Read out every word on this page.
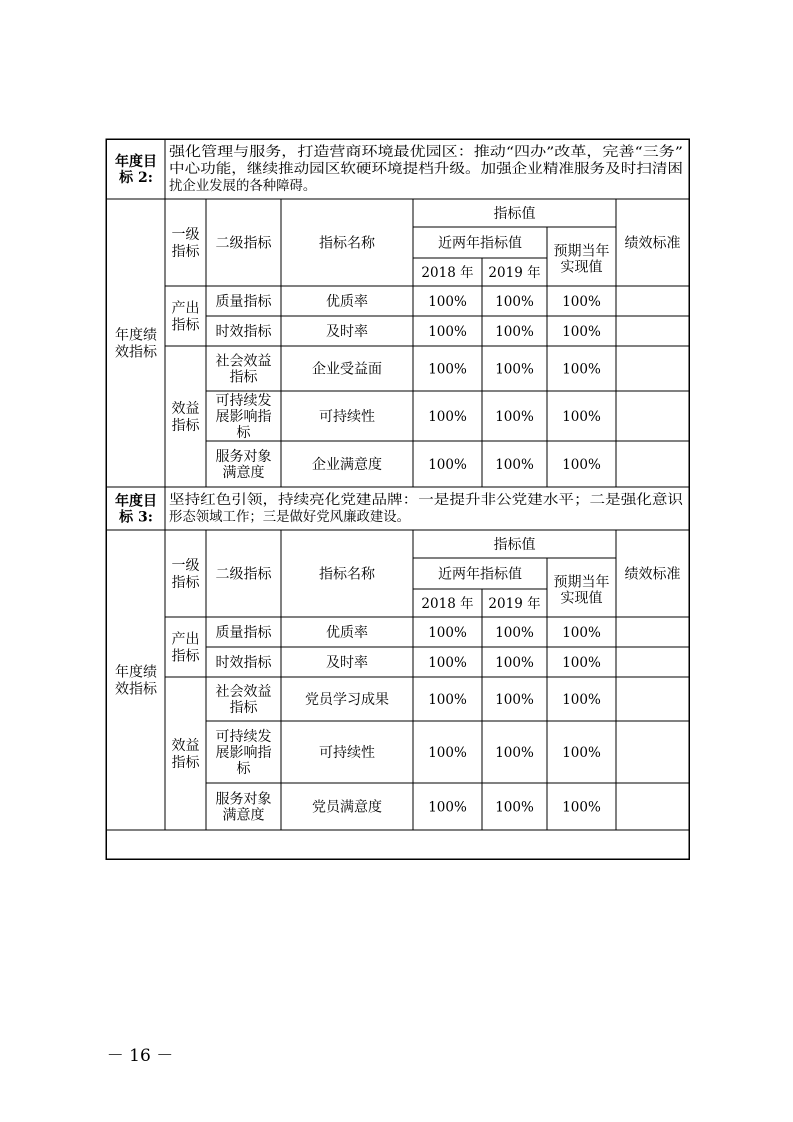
年度目
标 2:
强化管理与服务，打造营商环境最优园区：推动“四办”改革，完善“三务”
中心功能，继续推动园区软硬环境提档升级。加强企业精准服务及时扫清困
扰企业发展的各种障碍。
年度绩
效指标
一级
指标
二级指标	指标名称
指标值
近两年指标值
2018 年 2019 年
预期当年
实现值
绩效标准
产出
指标
质量指标	优质率	100% 100% 100%
时效指标	及时率	100% 100% 100%
效益
指标
社会效益
指标	企业受益面	100% 100% 100%
可持续发
展影响指
标
可持续性	100% 100% 100%
服务对象
满意度	企业满意度	100% 100% 100%
年度目
标 3:
坚持红色引领，持续亮化党建品牌：一是提升非公党建水平；二是强化意识
形态领域工作；三是做好党风廉政建设。
年度绩
效指标
一级
指标
二级指标	指标名称
指标值
近两年指标值
2018 年 2019 年
预期当年
实现值
绩效标准
产出
指标
质量指标	优质率	100% 100% 100%
时效指标	及时率	100% 100% 100%
效益
指标
社会效益
指标	党员学习成果	100% 100% 100%
可持续发
展影响指
标
可持续性	100% 100% 100%
服务对象
满意度	党员满意度	100% 100% 100%
－ 16 －
